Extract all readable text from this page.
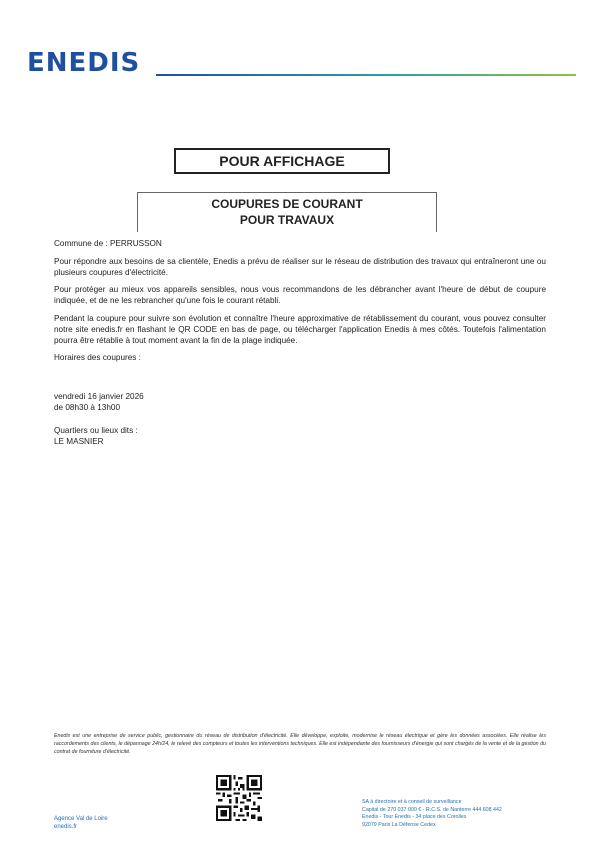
ENEDIS
POUR AFFICHAGE
COUPURES DE COURANT
POUR TRAVAUX

Commune de : PERRUSSON

Pour répondre aux besoins de sa clientèle, Enedis a prévu de réaliser sur le réseau de distribution des travaux qui entraîneront une ou plusieurs coupures d'électricité.

Pour protéger au mieux vos appareils sensibles, nous vous recommandons de les débrancher avant l'heure de début de coupure indiquée, et de ne les rebrancher qu'une fois le courant rétabli.

Pendant la coupure pour suivre son évolution et connaître l'heure approximative de rétablissement du courant, vous pouvez consulter notre site enedis.fr en flashant le QR CODE en bas de page, ou télécharger l'application Enedis à mes côtés. Toutefois l'alimentation pourra être rétablie à tout moment avant la fin de la plage indiquée.

Horaires des coupures :

vendredi 16 janvier 2026

de 08h30 à 13h00

Quartiers ou lieux dits :

LE MASNIER

Enedis est une entreprise de service public, gestionnaire du réseau de distribution d'électricité. Elle développe, exploite, modernise le réseau électrique et gère les données associées. Elle réalise les raccordements des clients, le dépannage 24h/24, le relevé des compteurs et toutes les interventions techniques. Elle est indépendante des fournisseurs d'énergie qui sont chargés de la vente et de la gestion du contrat de fourniture d'électricité.
Agence Val de Loire
enedis.fr
SA à directoire et à conseil de surveillance
Capital de 270 037 000 € - R.C.S. de Nanterre 444 608 442
Enedis - Tour Enedis - 34 place des Corolles
92079 Paris La Défense Cedex
